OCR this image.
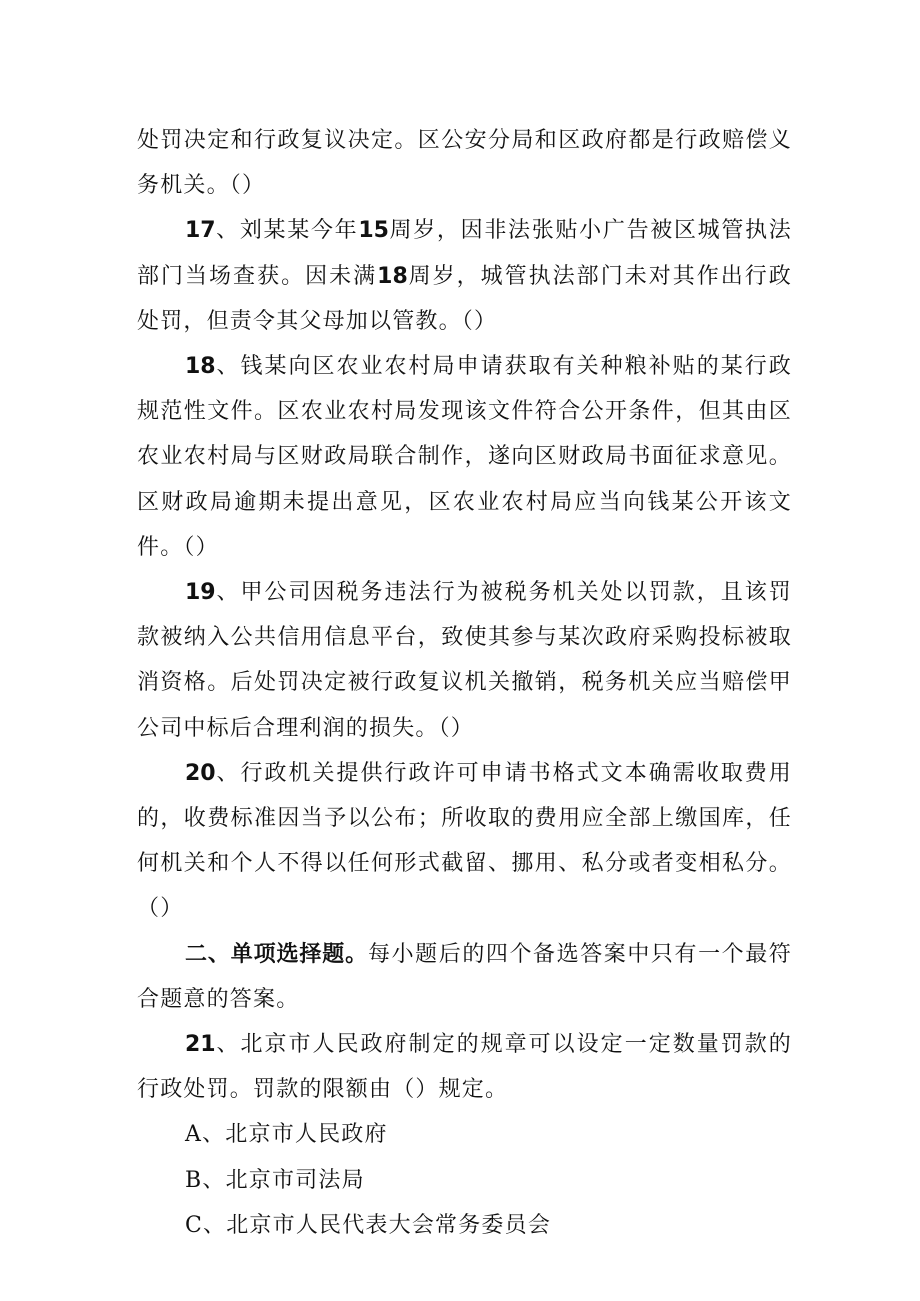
处罚决定和行政复议决定。区公安分局和区政府都是行政赔偿义务机关。（）

17、刘某某今年15周岁，因非法张贴小广告被区城管执法部门当场查获。因未满18周岁，城管执法部门未对其作出行政处罚，但责令其父母加以管教。（）

18、钱某向区农业农村局申请获取有关种粮补贴的某行政规范性文件。区农业农村局发现该文件符合公开条件，但其由区农业农村局与区财政局联合制作，遂向区财政局书面征求意见。区财政局逾期未提出意见，区农业农村局应当向钱某公开该文件。（）

19、甲公司因税务违法行为被税务机关处以罚款，且该罚款被纳入公共信用信息平台，致使其参与某次政府采购投标被取消资格。后处罚决定被行政复议机关撤销，税务机关应当赔偿甲公司中标后合理利润的损失。（）

20、行政机关提供行政许可申请书格式文本确需收取费用的，收费标准因当予以公布；所收取的费用应全部上缴国库，任何机关和个人不得以任何形式截留、挪用、私分或者变相私分。（）

二、单项选择题。每小题后的四个备选答案中只有一个最符合题意的答案。

21、北京市人民政府制定的规章可以设定一定数量罚款的行政处罚。罚款的限额由（）规定。

A、北京市人民政府

B、北京市司法局

C、北京市人民代表大会常务委员会
